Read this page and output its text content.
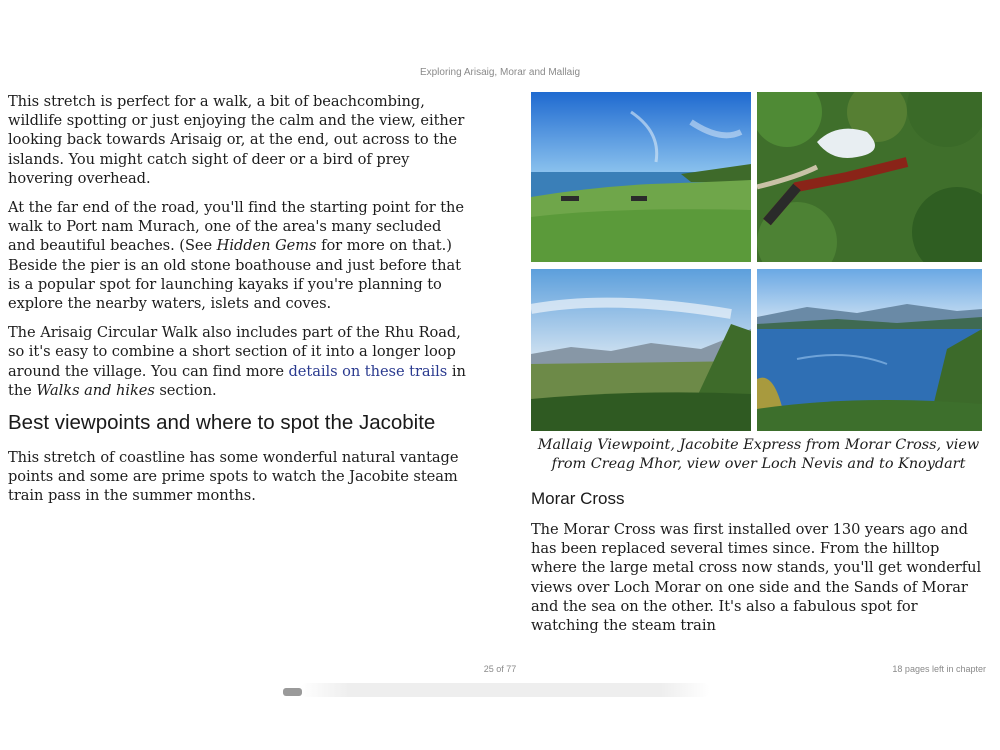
Exploring Arisaig, Morar and Mallaig

This stretch is perfect for a walk, a bit of beachcombing, wildlife spotting or just enjoying the calm and the view, either looking back towards Arisaig or, at the end, out across to the islands. You might catch sight of deer or a bird of prey hovering overhead.

At the far end of the road, you'll find the starting point for the walk to Port nam Murach, one of the area's many secluded and beautiful beaches. (See Hidden Gems for more on that.) Beside the pier is an old stone boathouse and just before that is a popular spot for launching kayaks if you're planning to explore the nearby waters, islets and coves.

The Arisaig Circular Walk also includes part of the Rhu Road, so it's easy to combine a short section of it into a longer loop around the village. You can find more details on these trails in the Walks and hikes section.

Best viewpoints and where to spot the Jacobite

This stretch of coastline has some wonderful natural vantage points and some are prime spots to watch the Jacobite steam train pass in the summer months.

Mallaig Viewpoint, Jacobite Express from Morar Cross, view from Creag Mhor, view over Loch Nevis and to Knoydart

Morar Cross

The Morar Cross was first installed over 130 years ago and has been replaced several times since. From the hilltop where the large metal cross now stands, you'll get wonderful views over Loch Morar on one side and the Sands of Morar and the sea on the other. It's also a fabulous spot for watching the steam train

25 of 77	18 pages left in chapter
